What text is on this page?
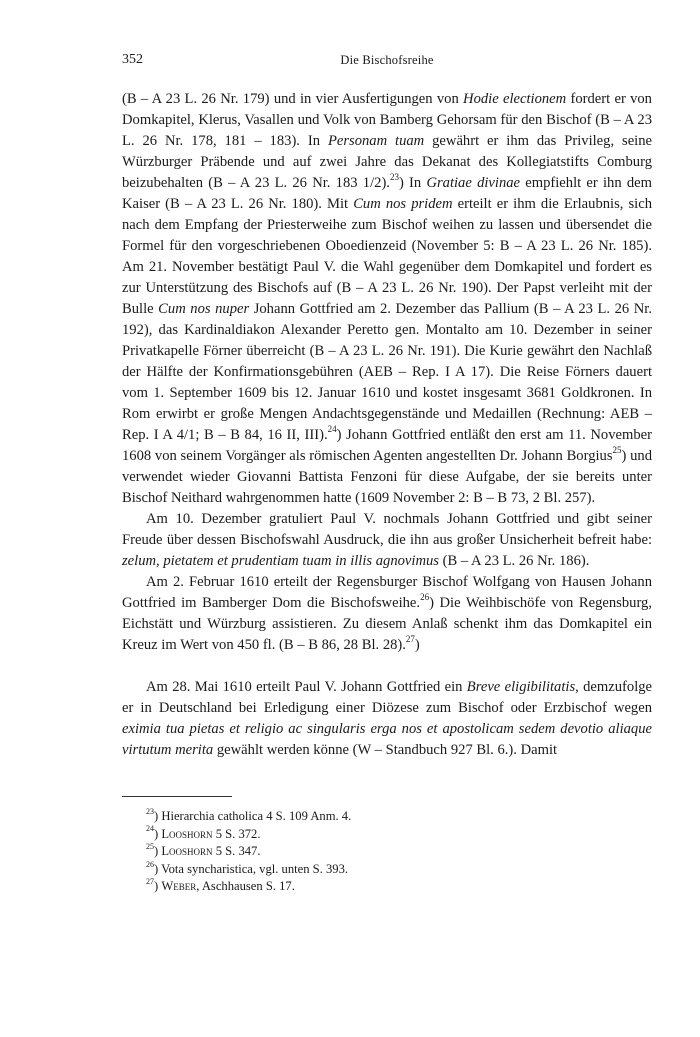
352	Die Bischofsreihe

(B – A 23 L. 26 Nr. 179) und in vier Ausfertigungen von Hodie electionem fordert er von Domkapitel, Klerus, Vasallen und Volk von Bamberg Gehorsam für den Bischof (B – A 23 L. 26 Nr. 178, 181 – 183). In Personam tuam gewährt er ihm das Privileg, seine Würzburger Präbende und auf zwei Jahre das Dekanat des Kollegiatstifts Comburg beizubehalten (B – A 23 L. 26 Nr. 183 1/2).$^{23}$) In Gratiae divinae empfiehlt er ihn dem Kaiser (B – A 23 L. 26 Nr. 180). Mit Cum nos pridem erteilt er ihm die Erlaubnis, sich nach dem Empfang der Priesterweihe zum Bischof weihen zu lassen und übersendet die Formel für den vorgeschriebenen Oboedienzeid (November 5: B – A 23 L. 26 Nr. 185). Am 21. November bestätigt Paul V. die Wahl gegenüber dem Domkapitel und fordert es zur Unterstützung des Bischofs auf (B – A 23 L. 26 Nr. 190). Der Papst verleiht mit der Bulle Cum nos nuper Johann Gottfried am 2. Dezember das Pallium (B – A 23 L. 26 Nr. 192), das Kardinaldiakon Alexander Peretto gen. Montalto am 10. Dezember in seiner Privatkapelle Förner überreicht (B – A 23 L. 26 Nr. 191). Die Kurie gewährt den Nachlaß der Hälfte der Konfirmationsgebühren (AEB – Rep. I A 17). Die Reise Förners dauert vom 1. September 1609 bis 12. Januar 1610 und kostet insgesamt 3681 Goldkronen. In Rom erwirbt er große Mengen Andachtsgegenstände und Medaillen (Rechnung: AEB – Rep. I A 4/1; B – B 84, 16 II, III).$^{24}$) Johann Gottfried entläßt den erst am 11. November 1608 von seinem Vorgänger als römischen Agenten angestellten Dr. Johann Borgius$^{25}$) und verwendet wieder Giovanni Battista Fenzoni für diese Aufgabe, der sie bereits unter Bischof Neithard wahrgenommen hatte (1609 November 2: B – B 73, 2 Bl. 257).

Am 10. Dezember gratuliert Paul V. nochmals Johann Gottfried und gibt seiner Freude über dessen Bischofswahl Ausdruck, die ihn aus großer Unsicherheit befreit habe: zelum, pietatem et prudentiam tuam in illis agnovimus (B – A 23 L. 26 Nr. 186).

Am 2. Februar 1610 erteilt der Regensburger Bischof Wolfgang von Hausen Johann Gottfried im Bamberger Dom die Bischofsweihe.$^{26}$) Die Weihbischöfe von Regensburg, Eichstätt und Würzburg assistieren. Zu diesem Anlaß schenkt ihm das Domkapitel ein Kreuz im Wert von 450 fl. (B – B 86, 28 Bl. 28).$^{27}$)

Am 28. Mai 1610 erteilt Paul V. Johann Gottfried ein Breve eligibilitatis, demzufolge er in Deutschland bei Erledigung einer Diözese zum Bischof oder Erzbischof wegen eximia tua pietas et religio ac singularis erga nos et apostolicam sedem devotio aliaque virtutum merita gewählt werden könne (W – Standbuch 927 Bl. 6.). Damit

$^{23}$) Hierarchia catholica 4 S. 109 Anm. 4.
$^{24}$) Looshorn 5 S. 372.
$^{25}$) Looshorn 5 S. 347.
$^{26}$) Vota syncharistica, vgl. unten S. 393.
$^{27}$) Weber, Aschhausen S. 17.
